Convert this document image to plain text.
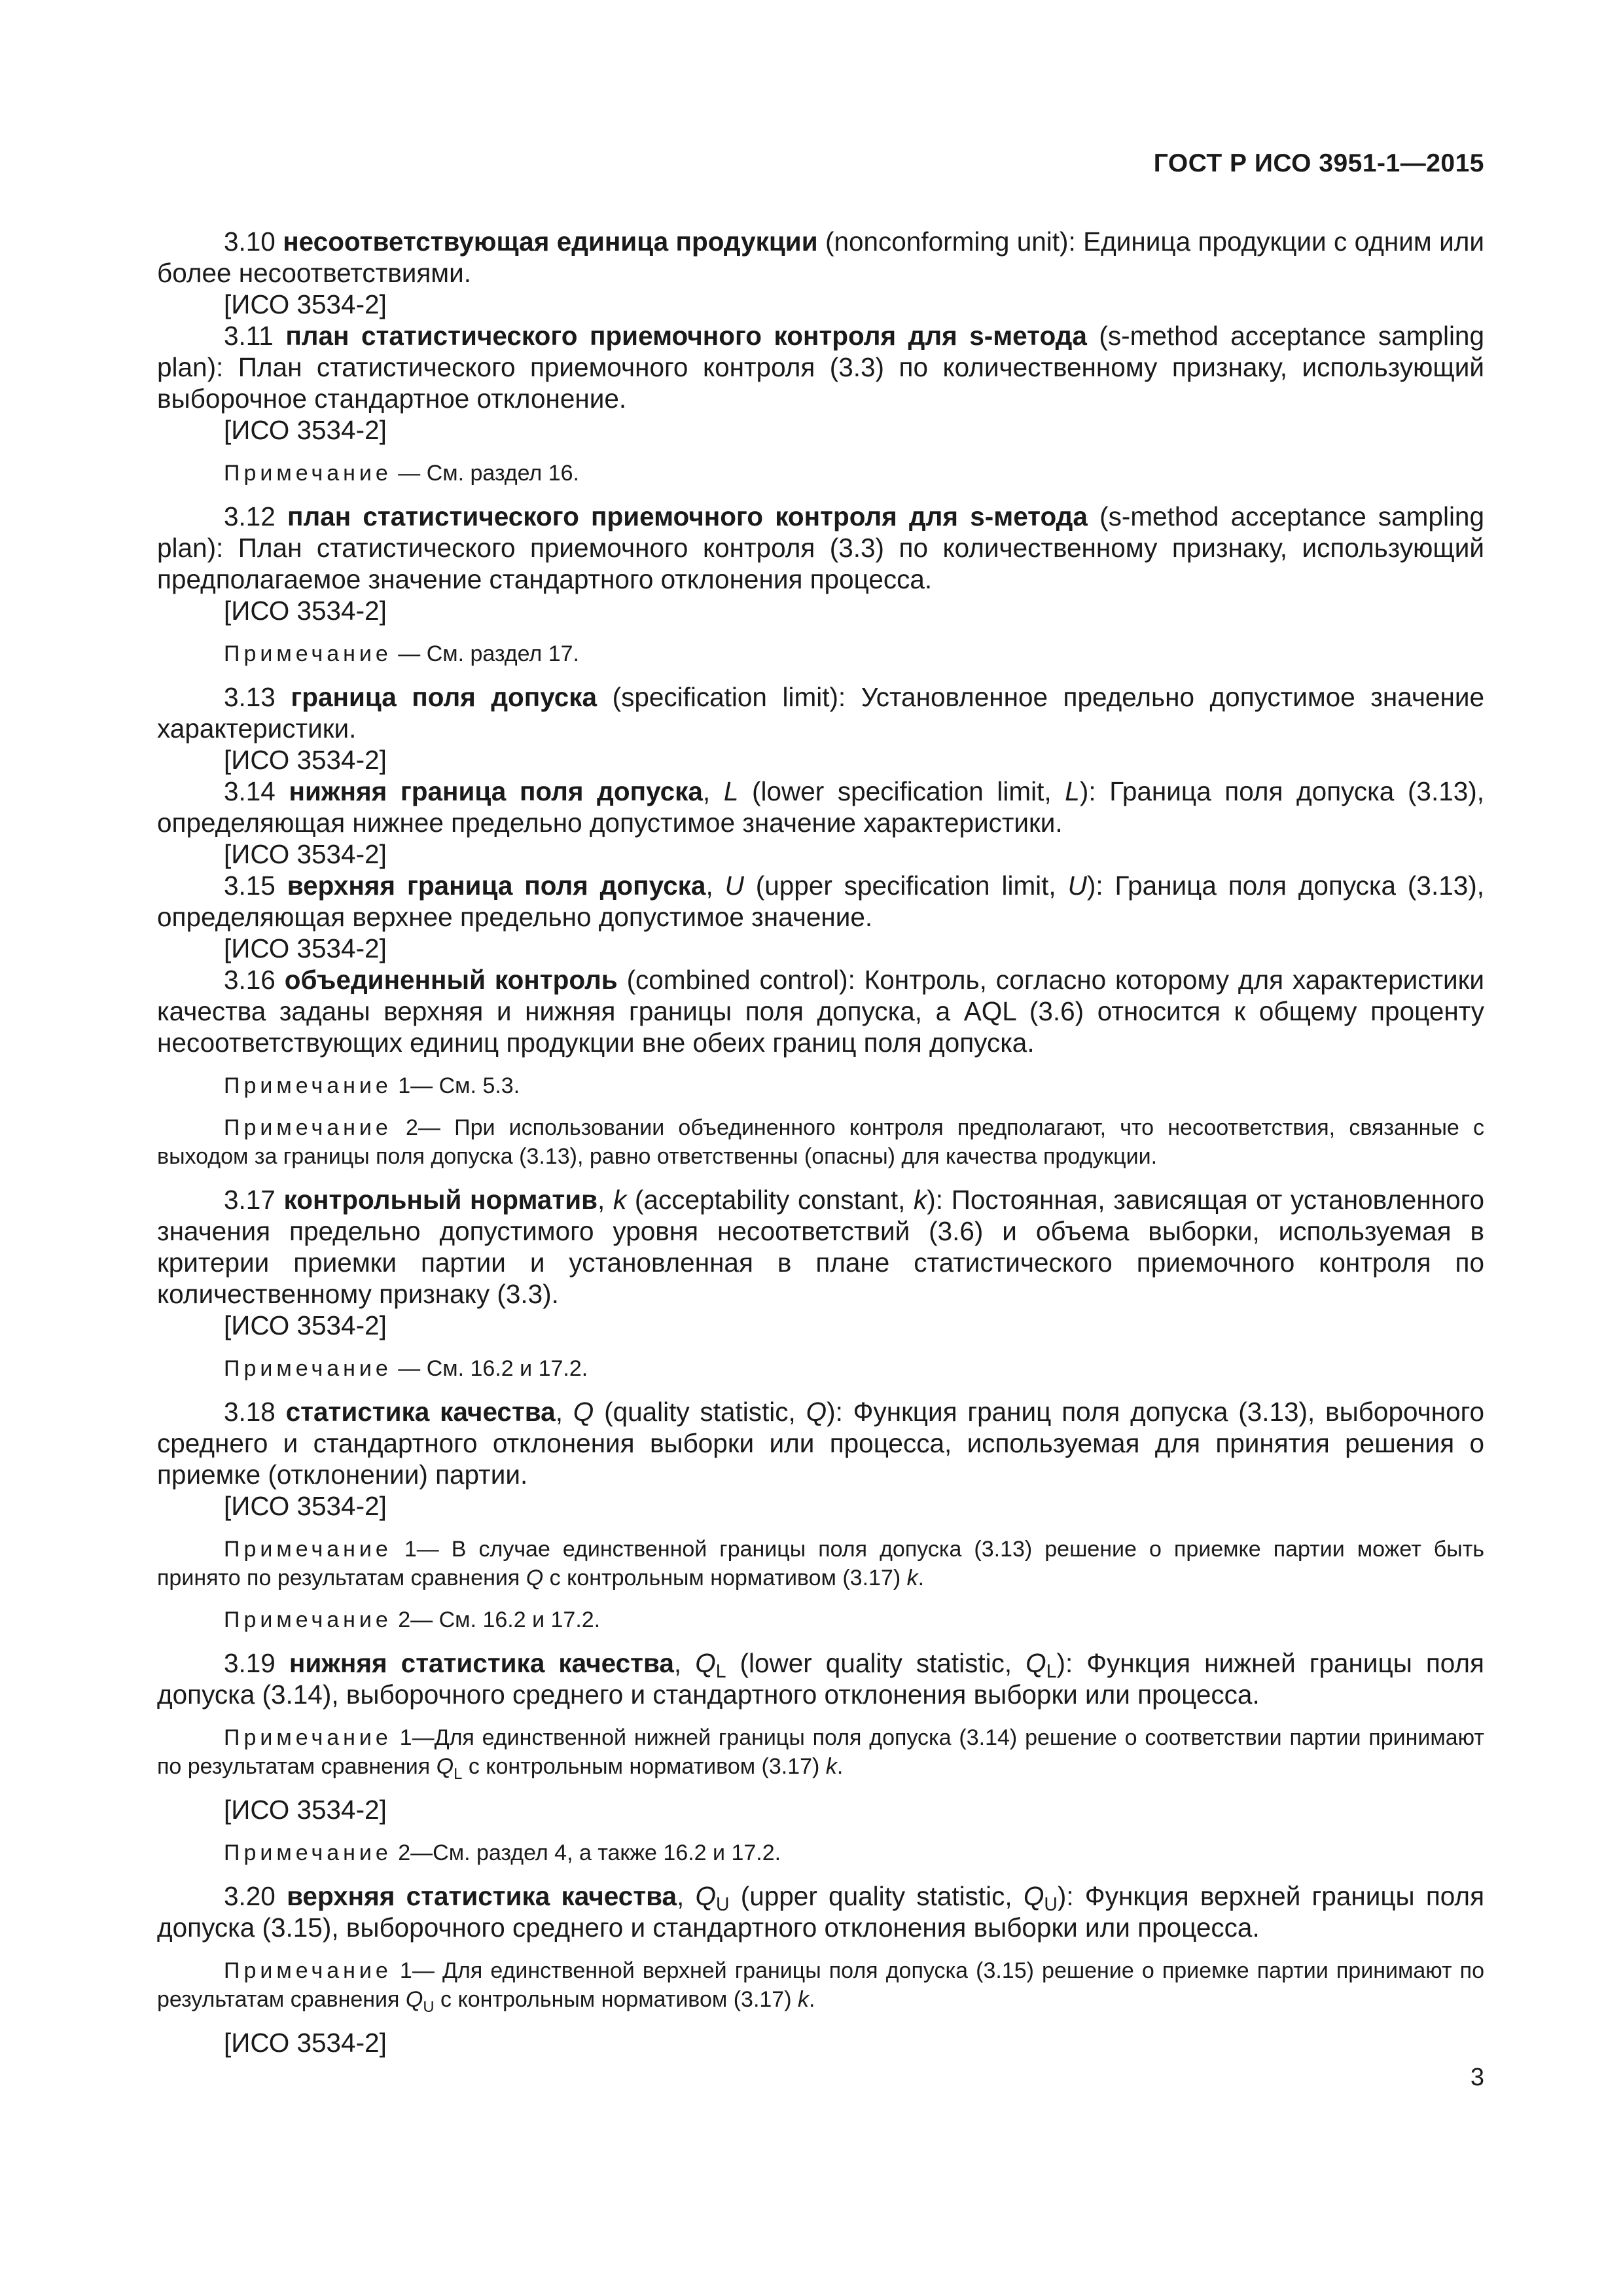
ГОСТ Р ИСО 3951-1—2015

3.10 несоответствующая единица продукции (nonconforming unit): Единица продукции с одним или более несоответствиями.

[ИСО 3534-2]

3.11 план статистического приемочного контроля для s-метода (s-method acceptance sampling plan): План статистического приемочного контроля (3.3) по количественному признаку, использующий выборочное стандартное отклонение.

[ИСО 3534-2]

Примечание — См. раздел 16.

3.12 план статистического приемочного контроля для s-метода (s-method acceptance sampling plan): План статистического приемочного контроля (3.3) по количественному признаку, использующий предполагаемое значение стандартного отклонения процесса.

[ИСО 3534-2]

Примечание — См. раздел 17.

3.13 граница поля допуска (specification limit): Установленное предельно допустимое значение характеристики.

[ИСО 3534-2]

3.14 нижняя граница поля допуска, L (lower specification limit, L): Граница поля допуска (3.13), определяющая нижнее предельно допустимое значение характеристики.

[ИСО 3534-2]

3.15 верхняя граница поля допуска, U (upper specification limit, U): Граница поля допуска (3.13), определяющая верхнее предельно допустимое значение.

[ИСО 3534-2]

3.16 объединенный контроль (combined control): Контроль, согласно которому для характеристики качества заданы верхняя и нижняя границы поля допуска, а AQL (3.6) относится к общему проценту несоответствующих единиц продукции вне обеих границ поля допуска.

Примечание 1— См. 5.3.

Примечание 2— При использовании объединенного контроля предполагают, что несоответствия, связанные с выходом за границы поля допуска (3.13), равно ответственны (опасны) для качества продукции.

3.17 контрольный норматив, k (acceptability constant, k): Постоянная, зависящая от установленного значения предельно допустимого уровня несоответствий (3.6) и объема выборки, используемая в критерии приемки партии и установленная в плане статистического приемочного контроля по количественному признаку (3.3).

[ИСО 3534-2]

Примечание — См. 16.2 и 17.2.

3.18 статистика качества, Q (quality statistic, Q): Функция границ поля допуска (3.13), выборочного среднего и стандартного отклонения выборки или процесса, используемая для принятия решения о приемке (отклонении) партии.

[ИСО 3534-2]

Примечание 1— В случае единственной границы поля допуска (3.13) решение о приемке партии может быть принято по результатам сравнения Q с контрольным нормативом (3.17) k.

Примечание 2— См. 16.2 и 17.2.

3.19 нижняя статистика качества, $Q_L$ (lower quality statistic, $Q_L$): Функция нижней границы поля допуска (3.14), выборочного среднего и стандартного отклонения выборки или процесса.

Примечание 1—Для единственной нижней границы поля допуска (3.14) решение о соответствии партии принимают по результатам сравнения $Q_L$ с контрольным нормативом (3.17) k.

[ИСО 3534-2]

Примечание 2—См. раздел 4, а также 16.2 и 17.2.

3.20 верхняя статистика качества, $Q_U$ (upper quality statistic, $Q_U$): Функция верхней границы поля допуска (3.15), выборочного среднего и стандартного отклонения выборки или процесса.

Примечание 1— Для единственной верхней границы поля допуска (3.15) решение о приемке партии принимают по результатам сравнения $Q_U$ с контрольным нормативом (3.17) k.

[ИСО 3534-2]

3
